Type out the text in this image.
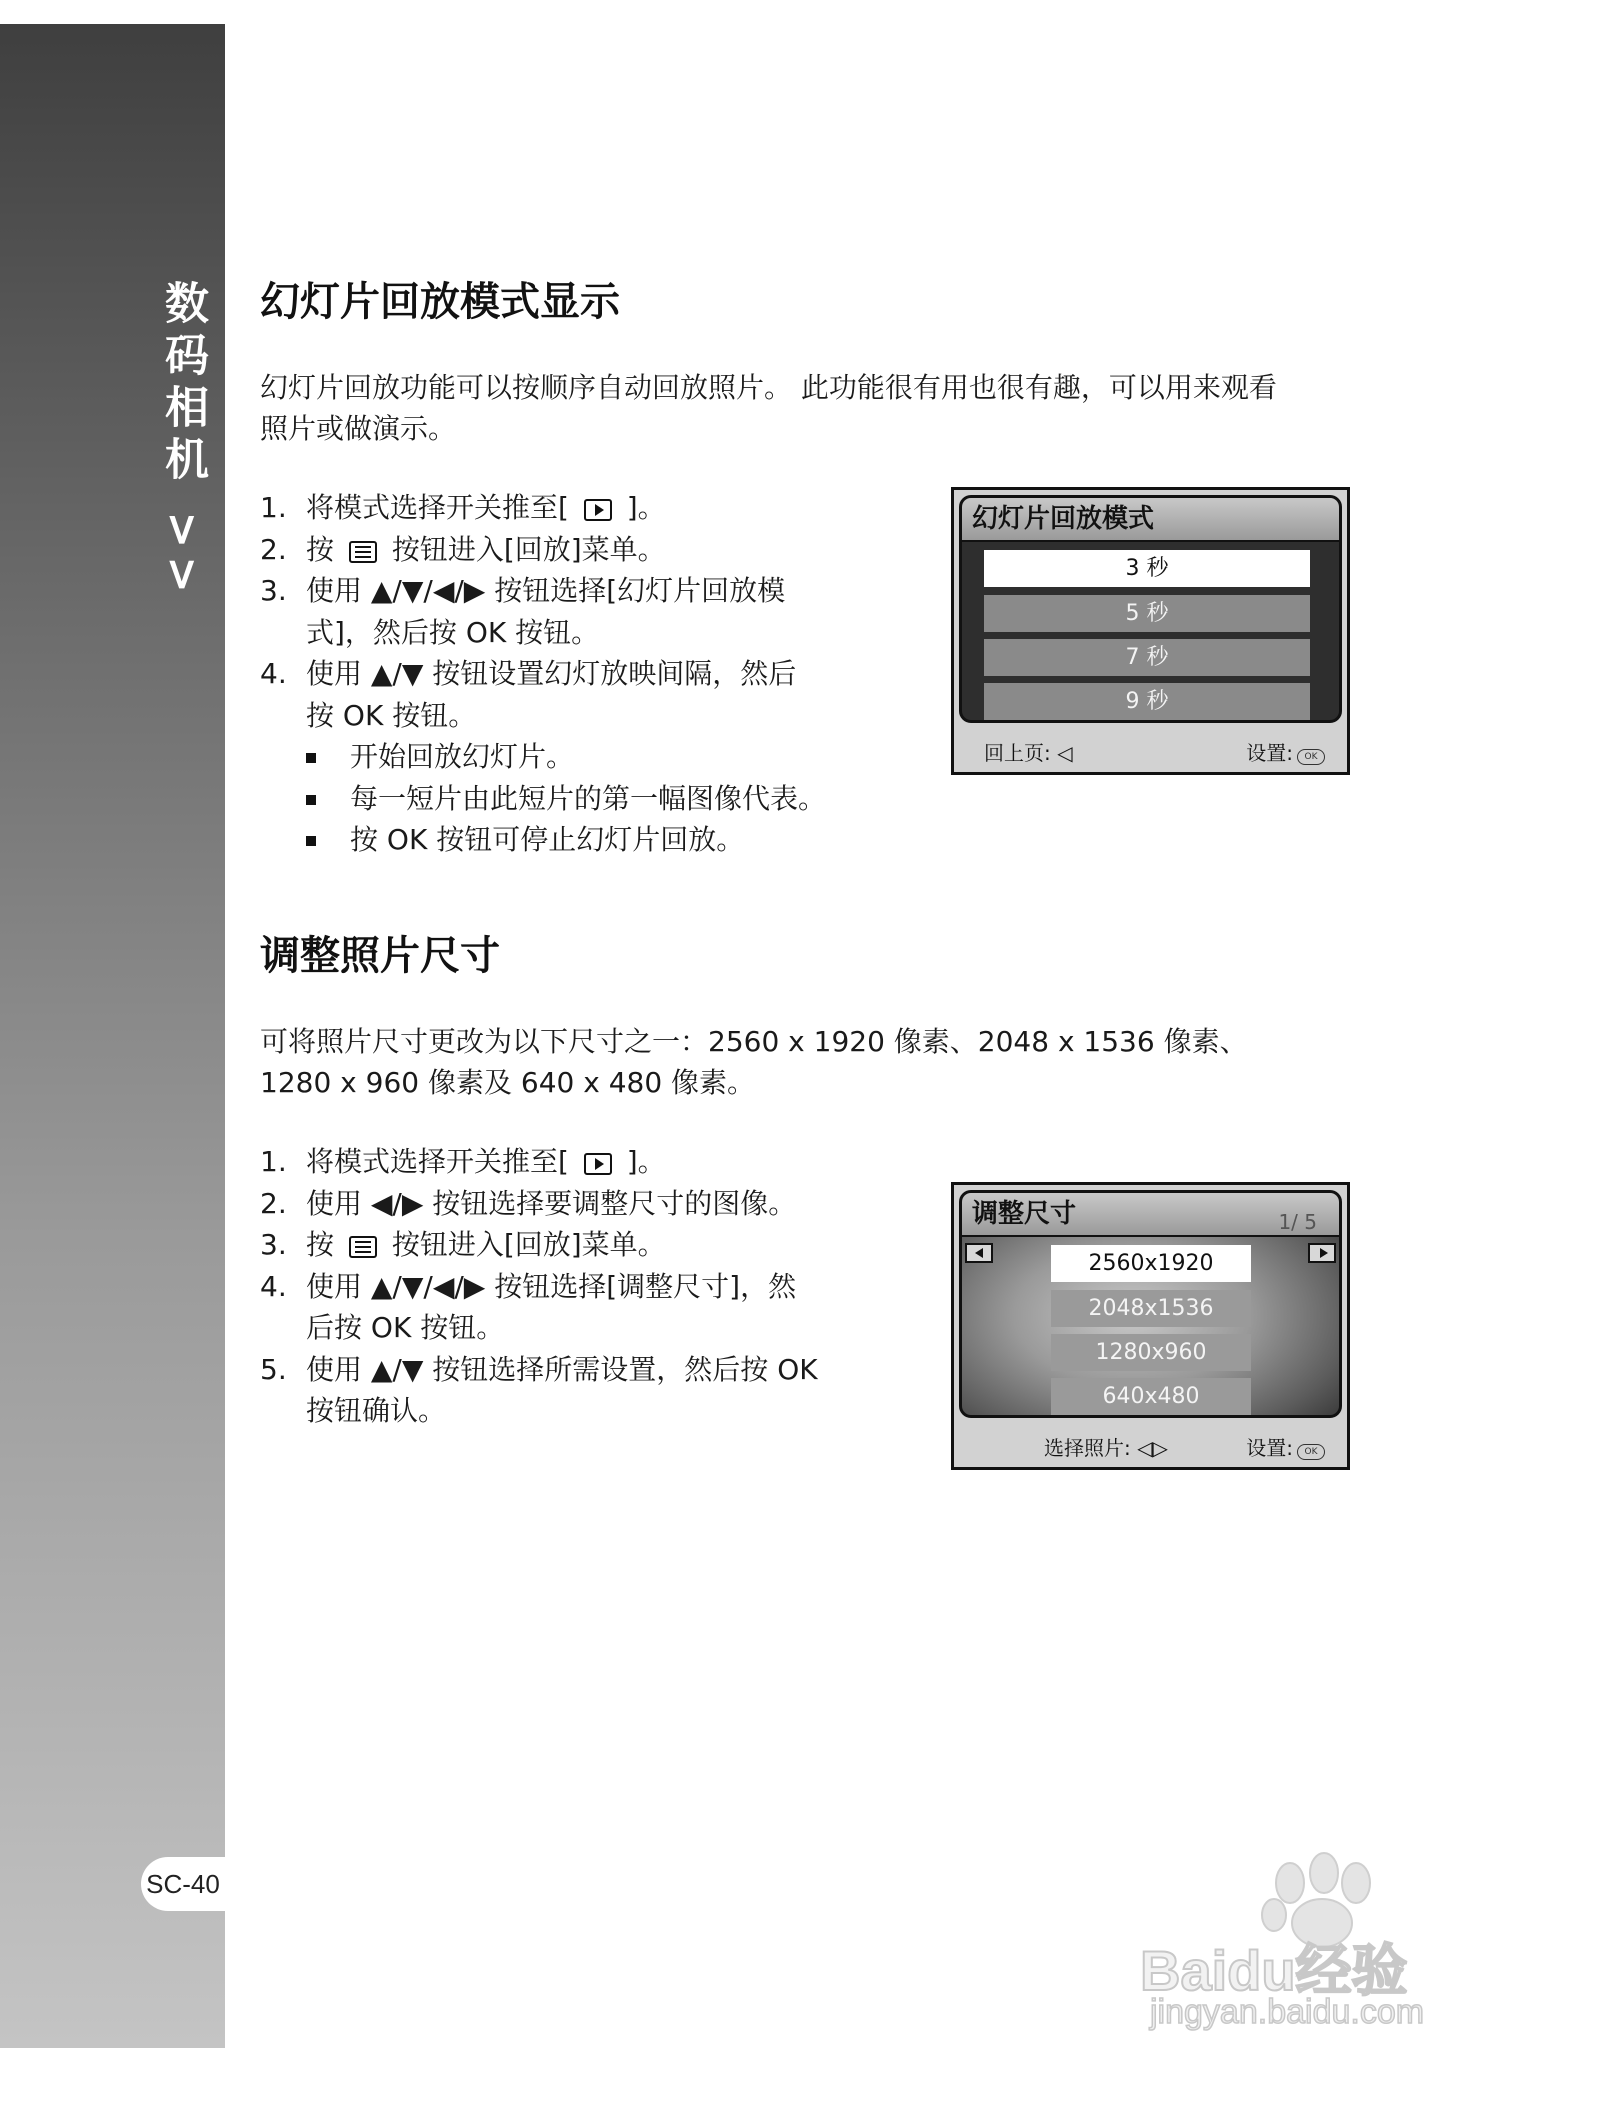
数码相机 >>
SC-40
幻灯片回放模式显示

幻灯片回放功能可以按顺序自动回放照片。 此功能很有用也很有趣，可以用来观看

照片或做演示。

1. 将模式选择开关推至[ ]。
2. 按 按钮进入[回放]菜单。
3. 使用 ▲/▼/◀/▶ 按钮选择[幻灯片回放模
式]，然后按 OK 按钮。
4. 使用 ▲/▼ 按钮设置幻灯放映间隔，然后
按 OK 按钮。
开始回放幻灯片。
每一短片由此短片的第一幅图像代表。
按 OK 按钮可停止幻灯片回放。
幻灯片回放模式
3 秒
5 秒
7 秒
9 秒
回上页: ◁	设置: OK
调整照片尺寸

可将照片尺寸更改为以下尺寸之一：2560 x 1920 像素、2048 x 1536 像素、

1280 x 960 像素及 640 x 480 像素。

1. 将模式选择开关推至[ ]。
2. 使用 ◀/▶ 按钮选择要调整尺寸的图像。
3. 按 按钮进入[回放]菜单。
4. 使用 ▲/▼/◀/▶ 按钮选择[调整尺寸]，然
后按 OK 按钮。
5. 使用 ▲/▼ 按钮选择所需设置，然后按 OK
按钮确认。
调整尺寸	1/ 5
2560x1920
2048x1536
1280x960
640x480
选择照片: ◁▷	设置: OK
Baidu经验
jingyan.baidu.com
